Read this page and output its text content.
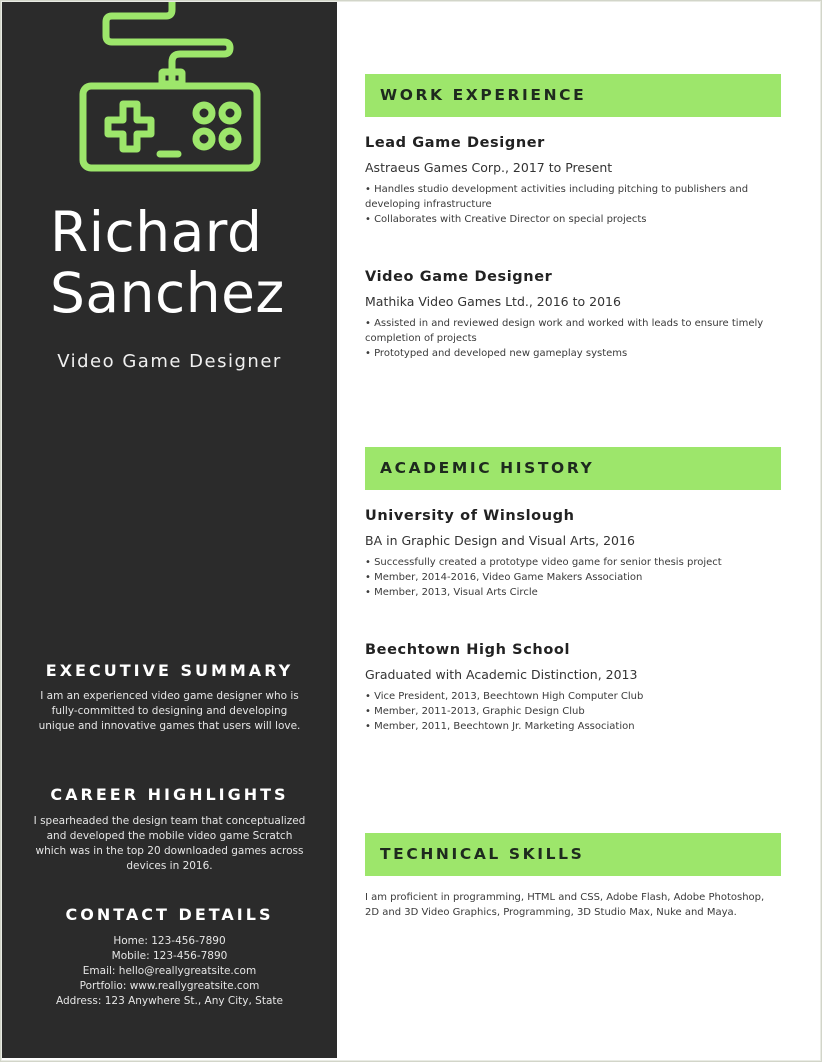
Richard
Sanchez
Video Game Designer
EXECUTIVE SUMMARY
I am an experienced video game designer who is fully-committed to designing and developing unique and innovative games that users will love.
CAREER HIGHLIGHTS
I spearheaded the design team that conceptualized and developed the mobile video game Scratch which was in the top 20 downloaded games across devices in 2016.
CONTACT DETAILS
Home: 123-456-7890
Mobile: 123-456-7890
Email: hello@reallygreatsite.com
Portfolio: www.reallygreatsite.com
Address: 123 Anywhere St., Any City, State
WORK EXPERIENCE
Lead Game Designer
Astraeus Games Corp., 2017 to Present
• Handles studio development activities including pitching to publishers and developing infrastructure
• Collaborates with Creative Director on special projects
Video Game Designer
Mathika Video Games Ltd., 2016 to 2016
• Assisted in and reviewed design work and worked with leads to ensure timely completion of projects
• Prototyped and developed new gameplay systems
ACADEMIC HISTORY
University of Winslough
BA in Graphic Design and Visual Arts, 2016
• Successfully created a prototype video game for senior thesis project
• Member, 2014-2016, Video Game Makers Association
• Member, 2013, Visual Arts Circle
Beechtown High School
Graduated with Academic Distinction, 2013
• Vice President, 2013, Beechtown High Computer Club
• Member, 2011-2013, Graphic Design Club
• Member, 2011, Beechtown Jr. Marketing Association
TECHNICAL SKILLS
I am proficient in programming, HTML and CSS, Adobe Flash, Adobe Photoshop, 2D and 3D Video Graphics, Programming, 3D Studio Max, Nuke and Maya.
